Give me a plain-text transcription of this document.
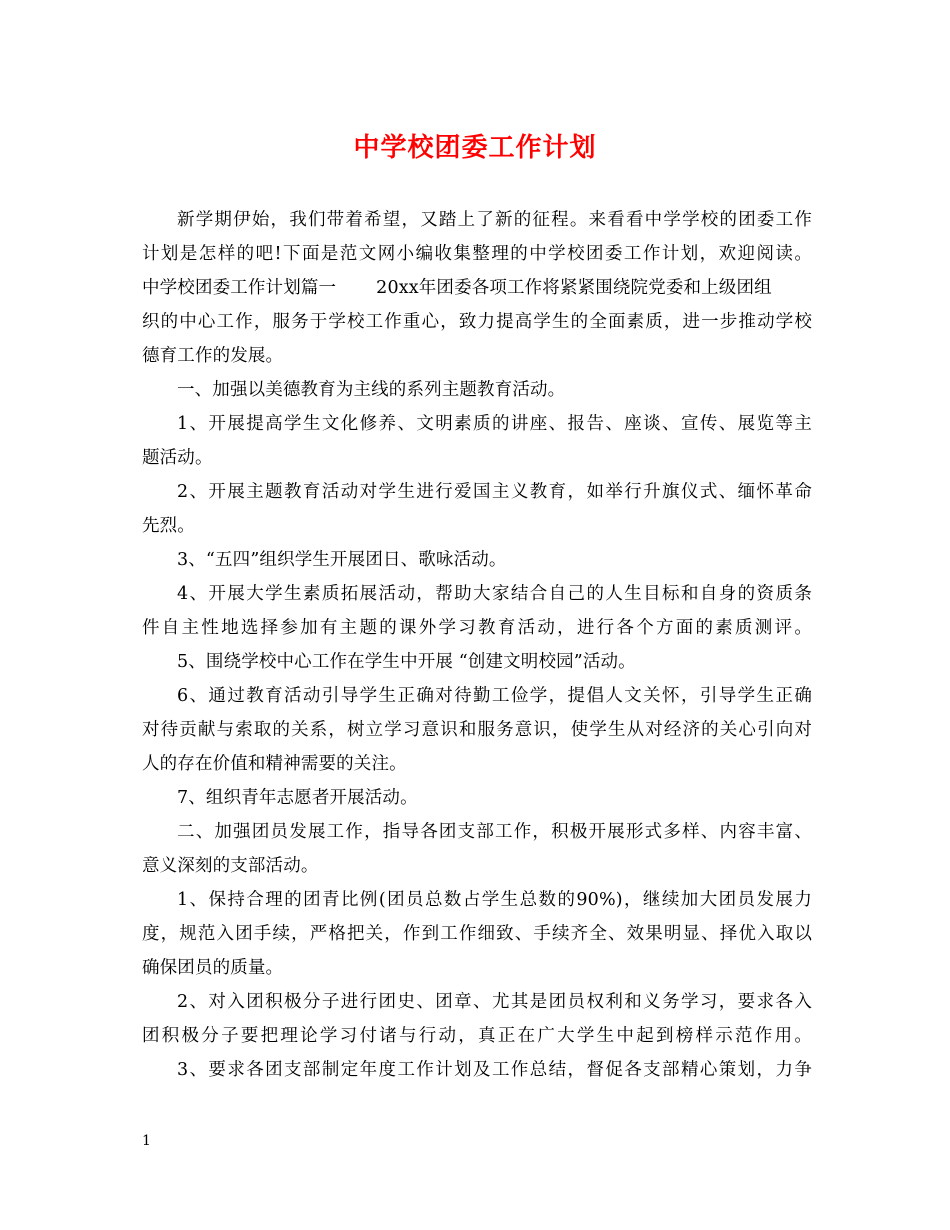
中学校团委工作计划
新学期伊始，我们带着希望，又踏上了新的征程。来看看中学学校的团委工作
计划是怎样的吧!下面是范文网小编收集整理的中学校团委工作计划，欢迎阅读。
中学校团委工作计划篇一 20xx年团委各项工作将紧紧围绕院党委和上级团组
织的中心工作，服务于学校工作重心，致力提高学生的全面素质，进一步推动学校
德育工作的发展。
一、加强以美德教育为主线的系列主题教育活动。
1、开展提高学生文化修养、文明素质的讲座、报告、座谈、宣传、展览等主
题活动。
2、开展主题教育活动对学生进行爱国主义教育，如举行升旗仪式、缅怀革命
先烈。
3、“五四”组织学生开展团日、歌咏活动。
4、开展大学生素质拓展活动，帮助大家结合自己的人生目标和自身的资质条
件自主性地选择参加有主题的课外学习教育活动，进行各个方面的素质测评。
5、围绕学校中心工作在学生中开展 “创建文明校园”活动。
6、通过教育活动引导学生正确对待勤工俭学，提倡人文关怀，引导学生正确
对待贡献与索取的关系，树立学习意识和服务意识，使学生从对经济的关心引向对
人的存在价值和精神需要的关注。
7、组织青年志愿者开展活动。
二、加强团员发展工作，指导各团支部工作，积极开展形式多样、内容丰富、
意义深刻的支部活动。
1、保持合理的团青比例(团员总数占学生总数的90%)，继续加大团员发展力
度，规范入团手续，严格把关，作到工作细致、手续齐全、效果明显、择优入取以
确保团员的质量。
2、对入团积极分子进行团史、团章、尤其是团员权利和义务学习，要求各入
团积极分子要把理论学习付诸与行动，真正在广大学生中起到榜样示范作用。
3、要求各团支部制定年度工作计划及工作总结，督促各支部精心策划，力争
1
